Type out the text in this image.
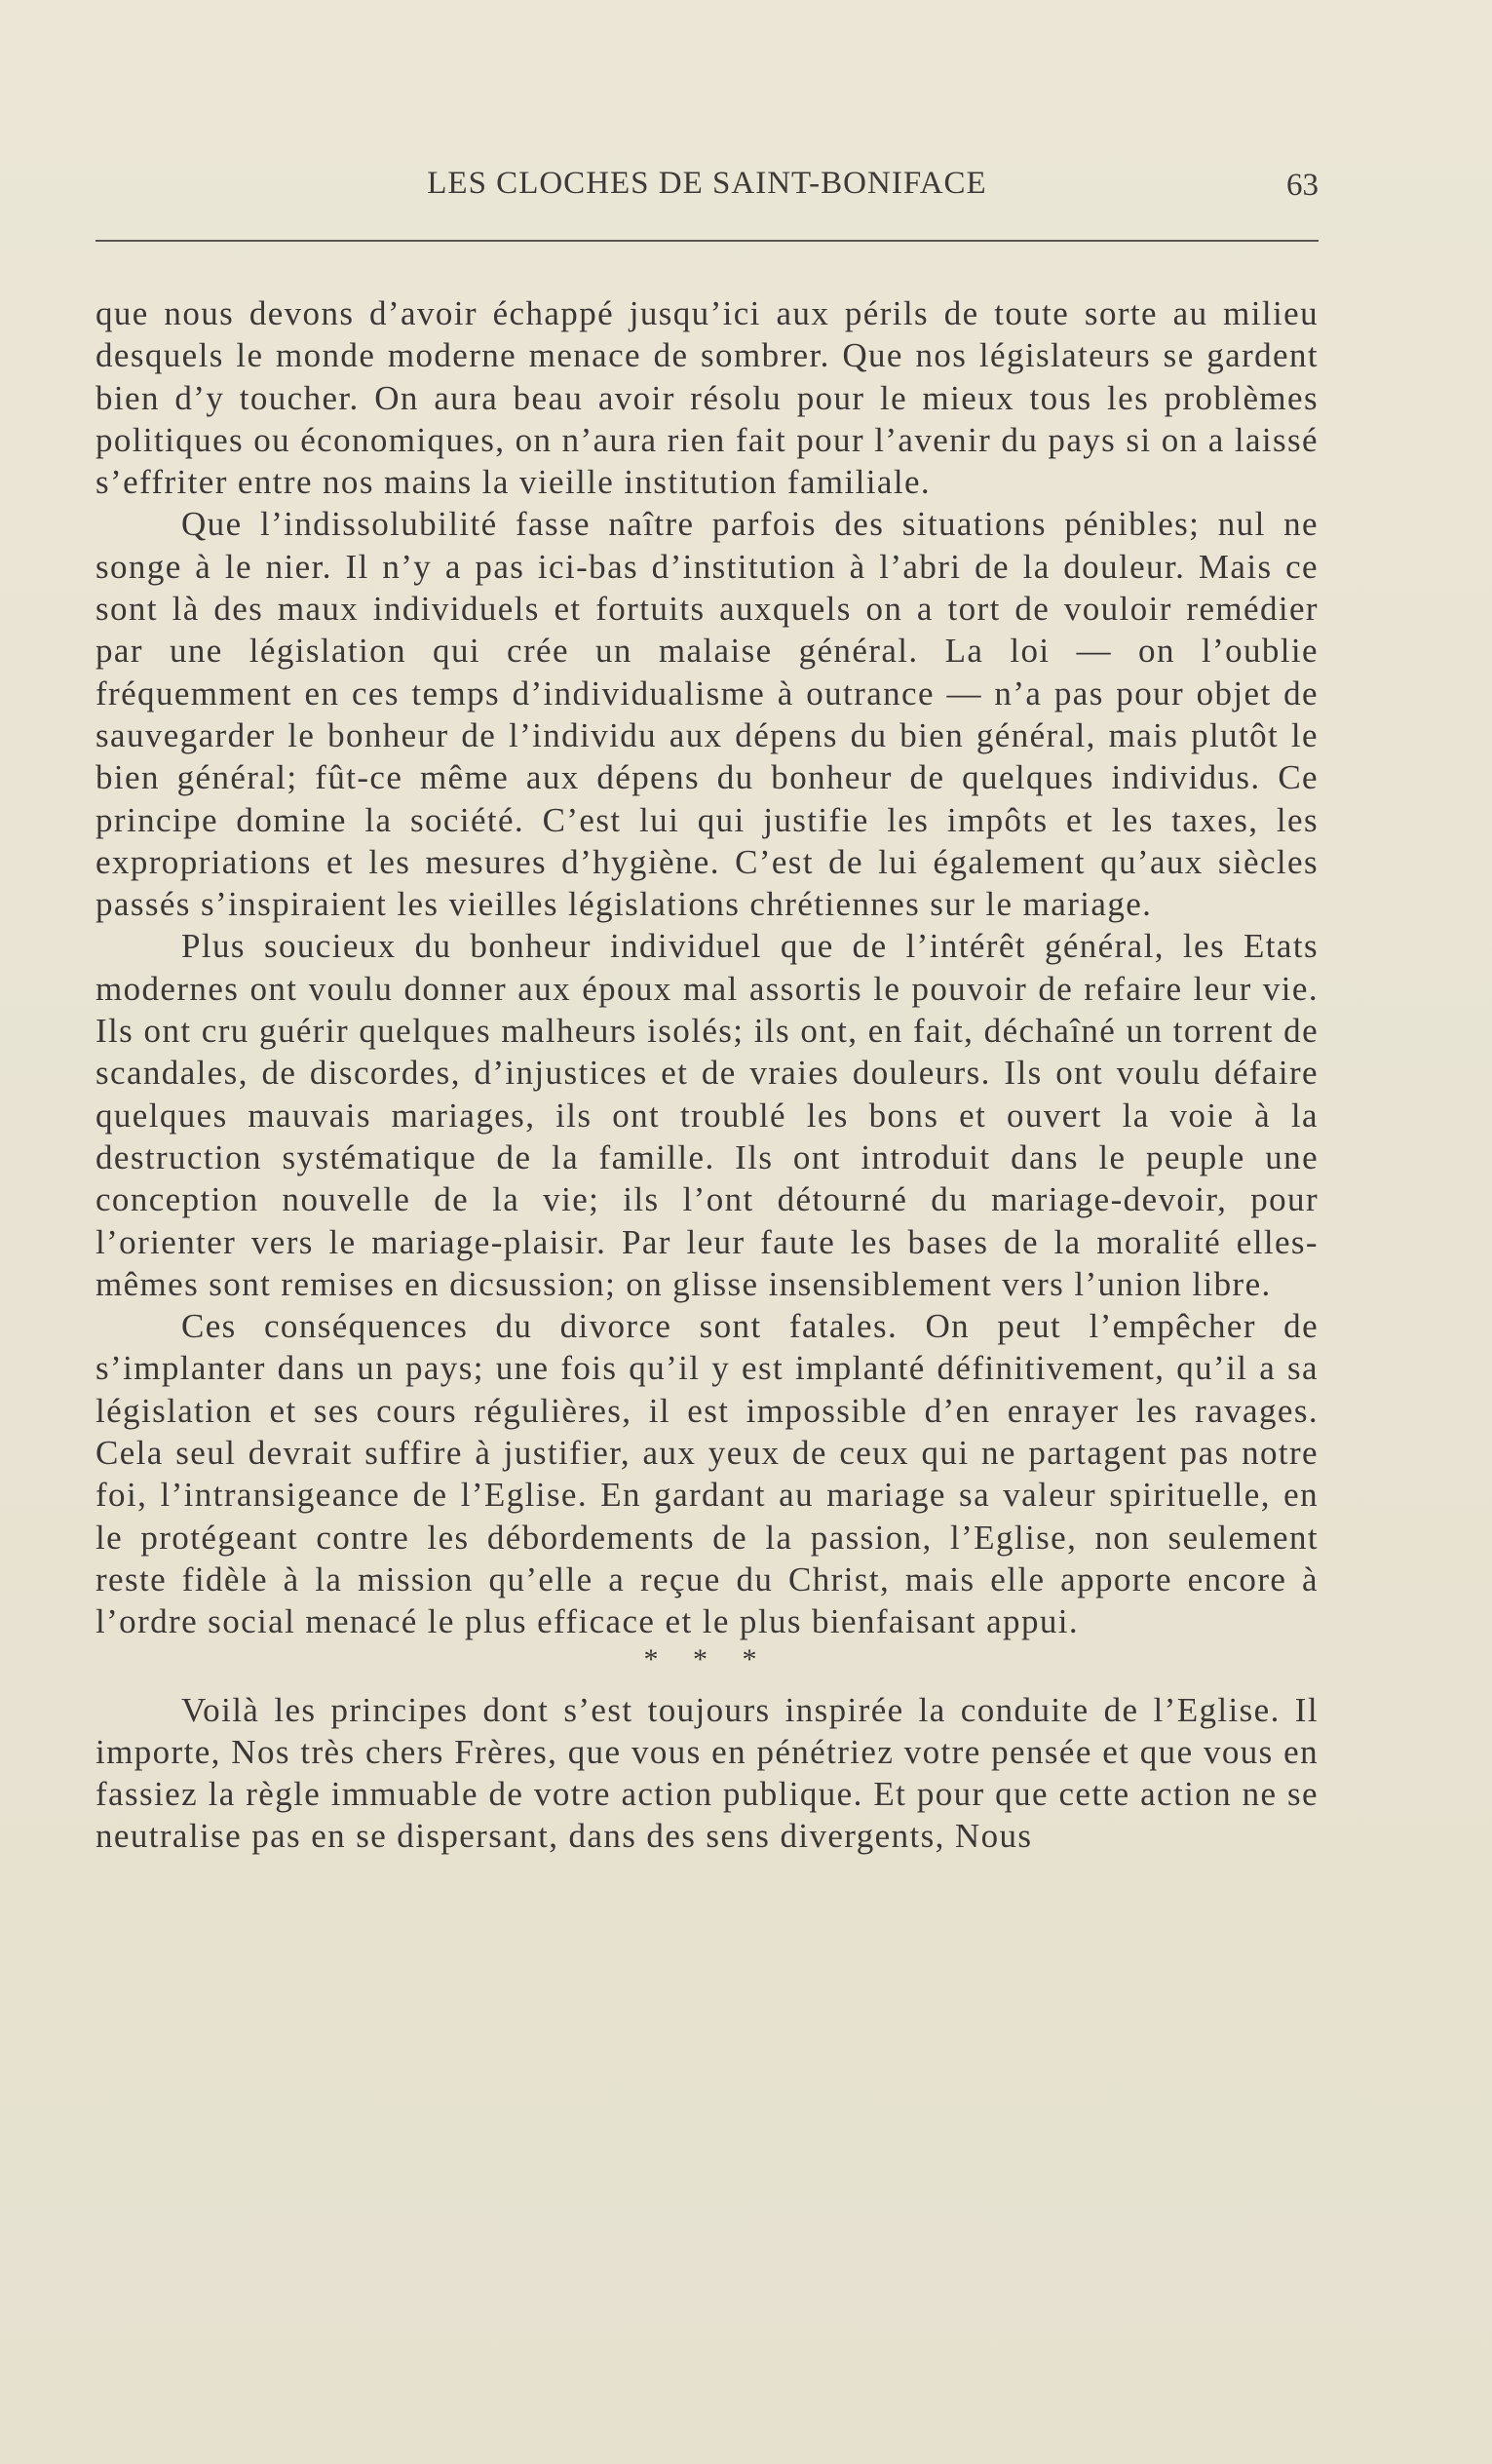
LES CLOCHES DE SAINT-BONIFACE	63

que nous devons d’avoir échappé jusqu’ici aux périls de toute sorte au milieu desquels le monde moderne menace de sombrer. Que nos législateurs se gardent bien d’y toucher. On aura beau avoir résolu pour le mieux tous les problèmes politiques ou économiques, on n’aura rien fait pour l’avenir du pays si on a laissé s’effriter entre nos mains la vieille institution familiale.

Que l’indissolubilité fasse naître parfois des situations pénibles; nul ne songe à le nier. Il n’y a pas ici-bas d’institution à l’abri de la douleur. Mais ce sont là des maux individuels et fortuits auxquels on a tort de vouloir remédier par une législation qui crée un malaise général. La loi — on l’oublie fréquemment en ces temps d’individualisme à outrance — n’a pas pour objet de sauvegarder le bonheur de l’individu aux dépens du bien général, mais plutôt le bien général; fût-ce même aux dépens du bonheur de quelques individus. Ce principe domine la société. C’est lui qui justifie les impôts et les taxes, les expropriations et les mesures d’hygiène. C’est de lui également qu’aux siècles passés s’inspiraient les vieilles législations chrétiennes sur le mariage.

Plus soucieux du bonheur individuel que de l’intérêt général, les Etats modernes ont voulu donner aux époux mal assortis le pouvoir de refaire leur vie. Ils ont cru guérir quelques malheurs isolés; ils ont, en fait, déchaîné un torrent de scandales, de discordes, d’injustices et de vraies douleurs. Ils ont voulu défaire quelques mauvais mariages, ils ont troublé les bons et ouvert la voie à la destruction systématique de la famille. Ils ont introduit dans le peuple une conception nouvelle de la vie; ils l’ont détourné du mariage-devoir, pour l’orienter vers le mariage-plaisir. Par leur faute les bases de la moralité elles-mêmes sont remises en dicsussion; on glisse insensiblement vers l’union libre.

Ces conséquences du divorce sont fatales. On peut l’empêcher de s’implanter dans un pays; une fois qu’il y est implanté définitivement, qu’il a sa législation et ses cours régulières, il est impossible d’en enrayer les ravages. Cela seul devrait suffire à justifier, aux yeux de ceux qui ne partagent pas notre foi, l’intransigeance de l’Eglise. En gardant au mariage sa valeur spirituelle, en le protégeant contre les débordements de la passion, l’Eglise, non seulement reste fidèle à la mission qu’elle a reçue du Christ, mais elle apporte encore à l’ordre social menacé le plus efficace et le plus bienfaisant appui.

* * *

Voilà les principes dont s’est toujours inspirée la conduite de l’Eglise. Il importe, Nos très chers Frères, que vous en pénétriez votre pensée et que vous en fassiez la règle immuable de votre action publique. Et pour que cette action ne se neutralise pas en se dispersant, dans des sens divergents, Nous
